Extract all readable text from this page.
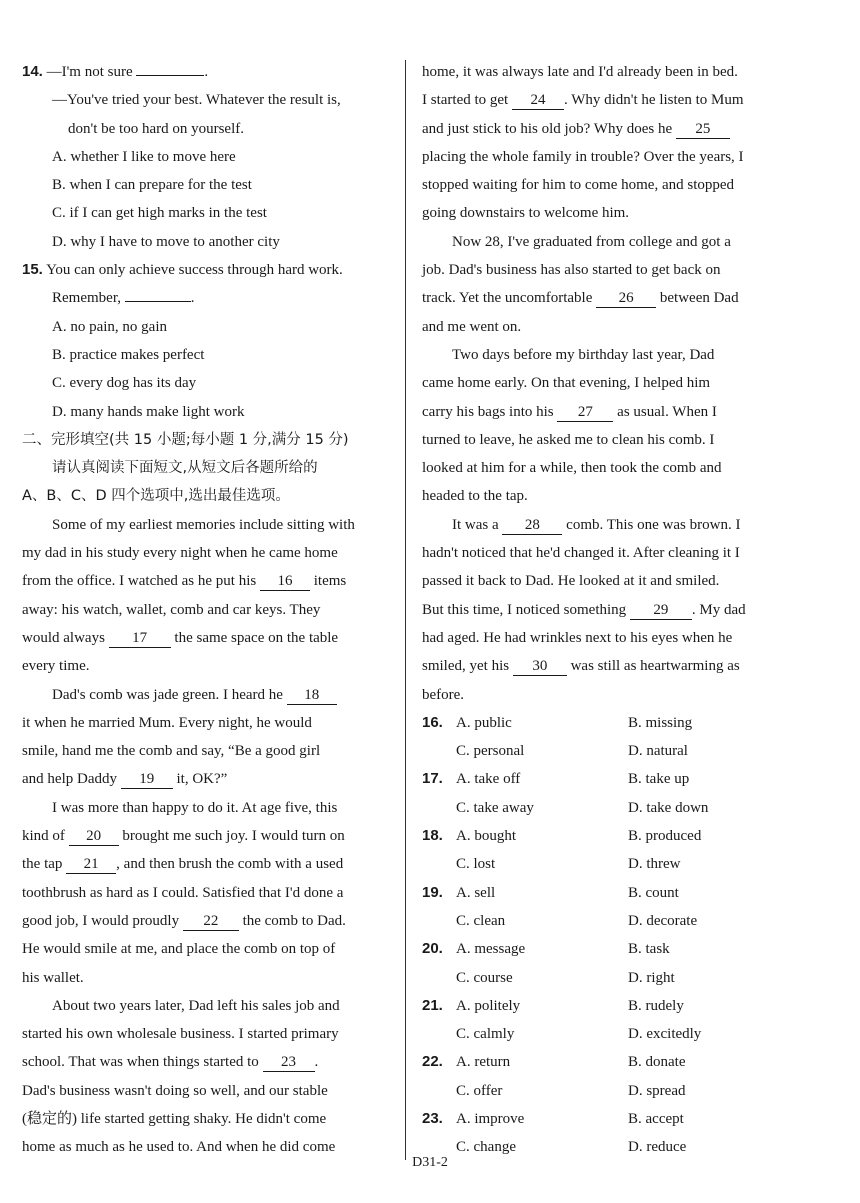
14. —I'm not sure	.
—You've tried your best. Whatever the result is,
don't be too hard on yourself.
A. whether I like to move here
B. when I can prepare for the test
C. if I can get high marks in the test
D. why I have to move to another city
15. You can only achieve success through hard work.
Remember,	.
A. no pain, no gain
B. practice makes perfect
C. every dog has its day
D. many hands make light work
二、完形填空(共 15 小题;每小题 1 分,满分 15 分)
请认真阅读下面短文,从短文后各题所给的
A、B、C、D 四个选项中,选出最佳选项。
Some of my earliest memories include sitting with
my dad in his study every night when he came home
from the office. I watched as he put his 16 items
away: his watch, wallet, comb and car keys. They
would always 17 the same space on the table
every time.
Dad's comb was jade green. I heard he 18
it when he married Mum. Every night, he would
smile, hand me the comb and say, “Be a good girl
and help Daddy 19 it, OK?”
I was more than happy to do it. At age five, this
kind of 20 brought me such joy. I would turn on
the tap 21 , and then brush the comb with a used
toothbrush as hard as I could. Satisfied that I'd done a
good job, I would proudly 22 the comb to Dad.
He would smile at me, and place the comb on top of
his wallet.
About two years later, Dad left his sales job and
started his own wholesale business. I started primary
school. That was when things started to 23 .
Dad's business wasn't doing so well, and our stable
(稳定的) life started getting shaky. He didn't come
home as much as he used to. And when he did come
home, it was always late and I'd already been in bed.
I started to get 24 . Why didn't he listen to Mum
and just stick to his old job? Why does he 25
placing the whole family in trouble? Over the years, I
stopped waiting for him to come home, and stopped
going downstairs to welcome him.
Now 28, I've graduated from college and got a
job. Dad's business has also started to get back on
track. Yet the uncomfortable 26 between Dad
and me went on.
Two days before my birthday last year, Dad
came home early. On that evening, I helped him
carry his bags into his 27 as usual. When I
turned to leave, he asked me to clean his comb. I
looked at him for a while, then took the comb and
headed to the tap.
It was a 28 comb. This one was brown. I
hadn't noticed that he'd changed it. After cleaning it I
passed it back to Dad. He looked at it and smiled.
But this time, I noticed something 29 . My dad
had aged. He had wrinkles next to his eyes when he
smiled, yet his 30 was still as heartwarming as
before.
16. A. public	B. missing
C. personal	D. natural
17. A. take off	B. take up
C. take away	D. take down
18. A. bought	B. produced
C. lost	D. threw
19. A. sell	B. count
C. clean	D. decorate
20. A. message	B. task
C. course	D. right
21. A. politely	B. rudely
C. calmly	D. excitedly
22. A. return	B. donate
C. offer	D. spread
23. A. improve	B. accept
C. change	D. reduce
D31-2
